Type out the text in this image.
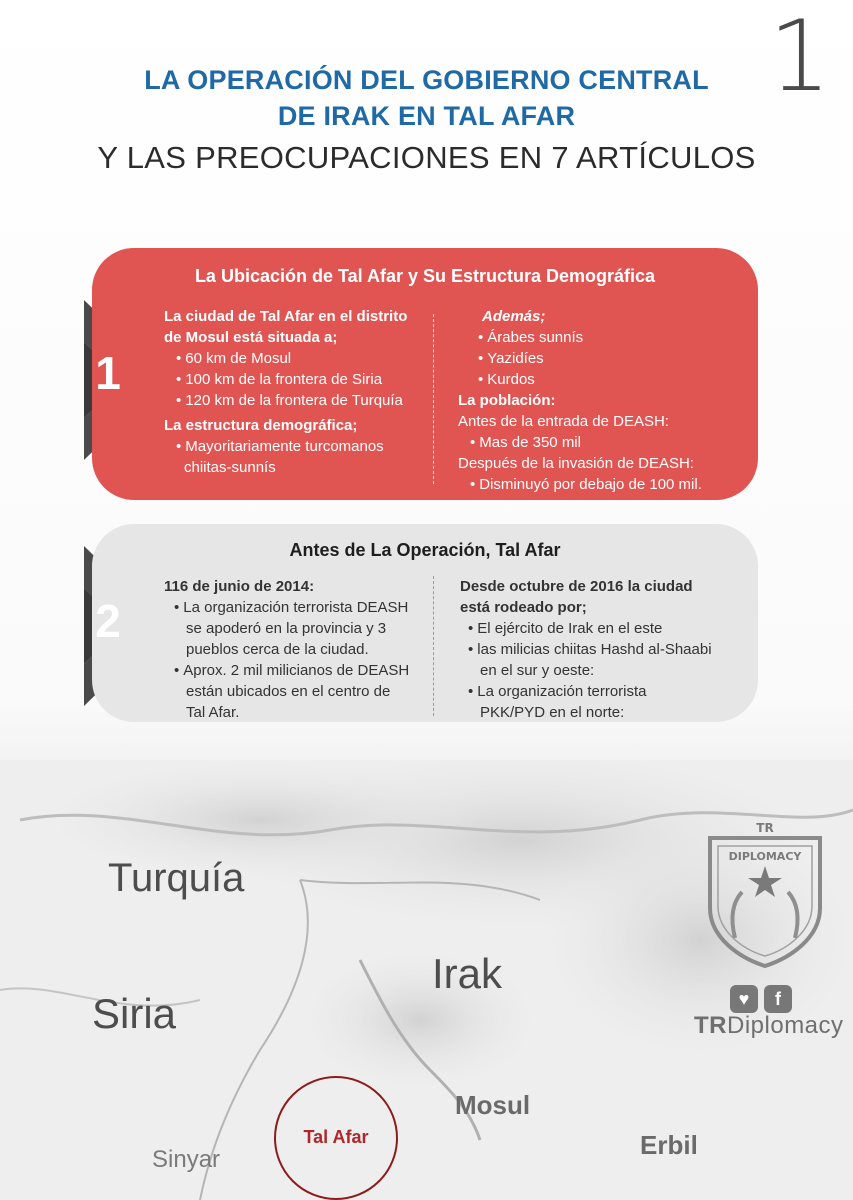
1
LA OPERACIÓN DEL GOBIERNO CENTRAL
DE IRAK EN TAL AFAR
Y LAS PREOCUPACIONES EN 7 ARTÍCULOS
La Ubicación de Tal Afar y Su Estructura Demográfica
La ciudad de Tal Afar en el distrito
de Mosul está situada a;
• 60 km de Mosul
• 100 km de la frontera de Siria
• 120 km de la frontera de Turquía
La estructura demográfica;
• Mayoritariamente turcomanos
chiitas-sunnís
Además;
• Árabes sunnís
• Yazidíes
• Kurdos
La población:
Antes de la entrada de DEASH:
• Mas de 350 mil
Después de la invasión de DEASH:
• Disminuyó por debajo de 100 mil.
1
Antes de La Operación, Tal Afar
116 de junio de 2014:
• La organización terrorista DEASH
se apoderó en la provincia y 3
pueblos cerca de la ciudad.
• Aprox. 2 mil milicianos de DEASH
están ubicados en el centro de
Tal Afar.
Desde octubre de 2016 la ciudad
está rodeado por;
• El ejército de Irak en el este
• las milicias chiitas Hashd al-Shaabi
en el sur y oeste:
• La organización terrorista
PKK/PYD en el norte:
2
Turquía
Siria
Irak
Mosul
Erbil
Sinyar
Tal Afar
TR
DIPLOMACY
♥ f
TRDiplomacy
